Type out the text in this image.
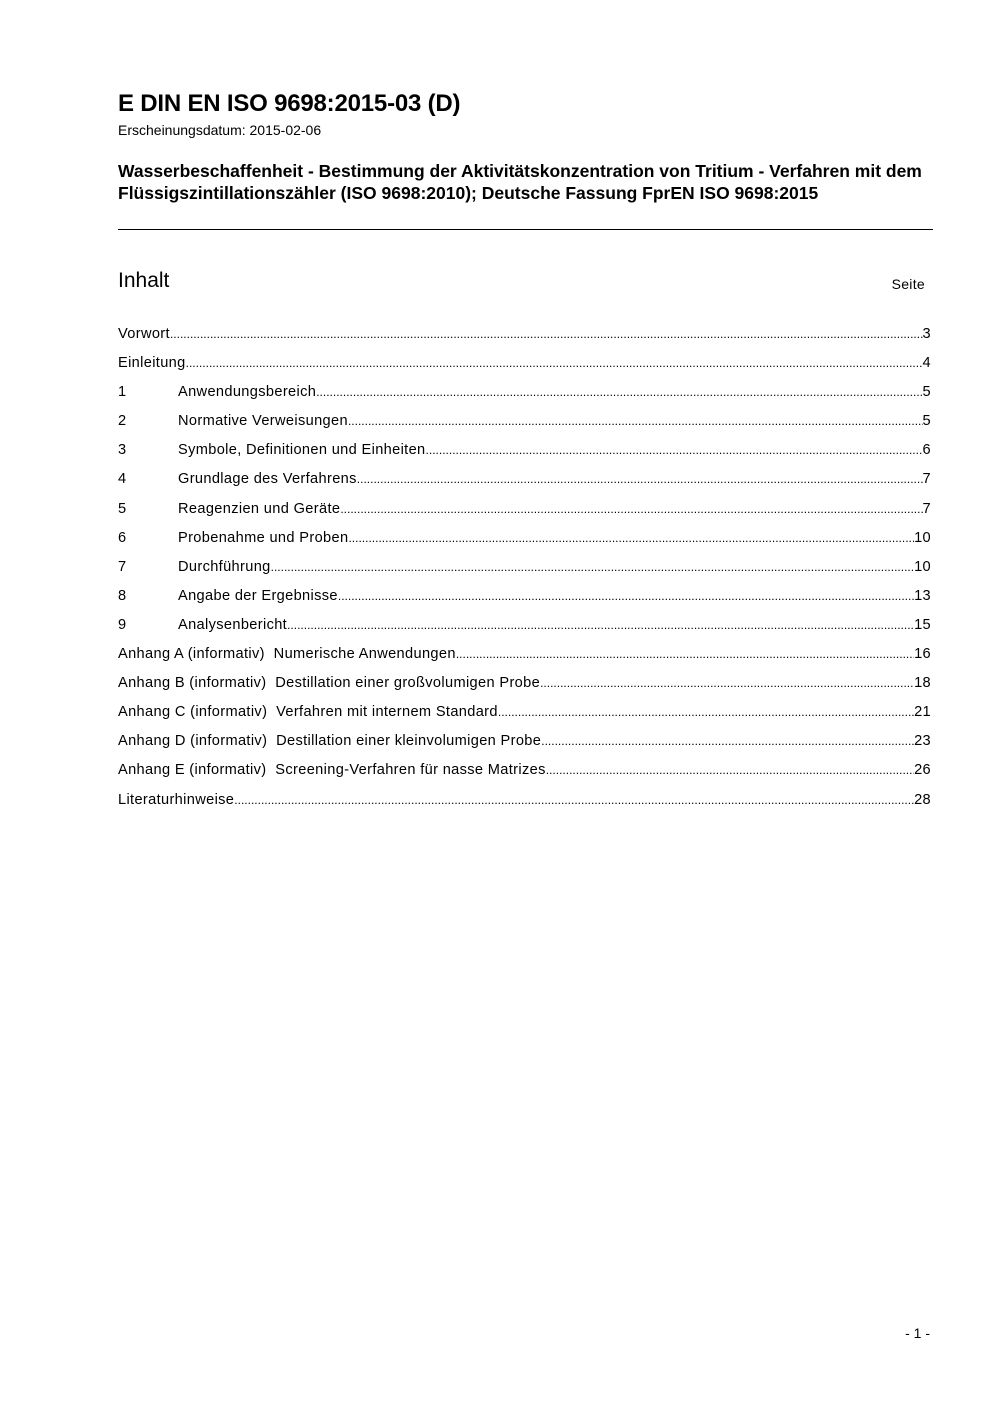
E DIN EN ISO 9698:2015-03 (D)
Erscheinungsdatum: 2015-02-06
Wasserbeschaffenheit - Bestimmung der Aktivitätskonzentration von Tritium - Verfahren mit dem Flüssigszintillationszähler (ISO 9698:2010); Deutsche Fassung FprEN ISO 9698:2015
Inhalt	Seite
Vorwort .....	3
Einleitung .....	4
1	Anwendungsbereich .....	5
2	Normative Verweisungen .....	5
3	Symbole, Definitionen und Einheiten .....	6
4	Grundlage des Verfahrens .....	7
5	Reagenzien und Geräte .....	7
6	Probenahme und Proben .....	10
7	Durchführung .....	10
8	Angabe der Ergebnisse .....	13
9	Analysenbericht .....	15
Anhang A (informativ)  Numerische Anwendungen .....	16
Anhang B (informativ)  Destillation einer großvolumigen Probe .....	18
Anhang C (informativ)  Verfahren mit internem Standard .....	21
Anhang D (informativ)  Destillation einer kleinvolumigen Probe .....	23
Anhang E (informativ)  Screening-Verfahren für nasse Matrizes .....	26
Literaturhinweise .....	28
- 1 -
